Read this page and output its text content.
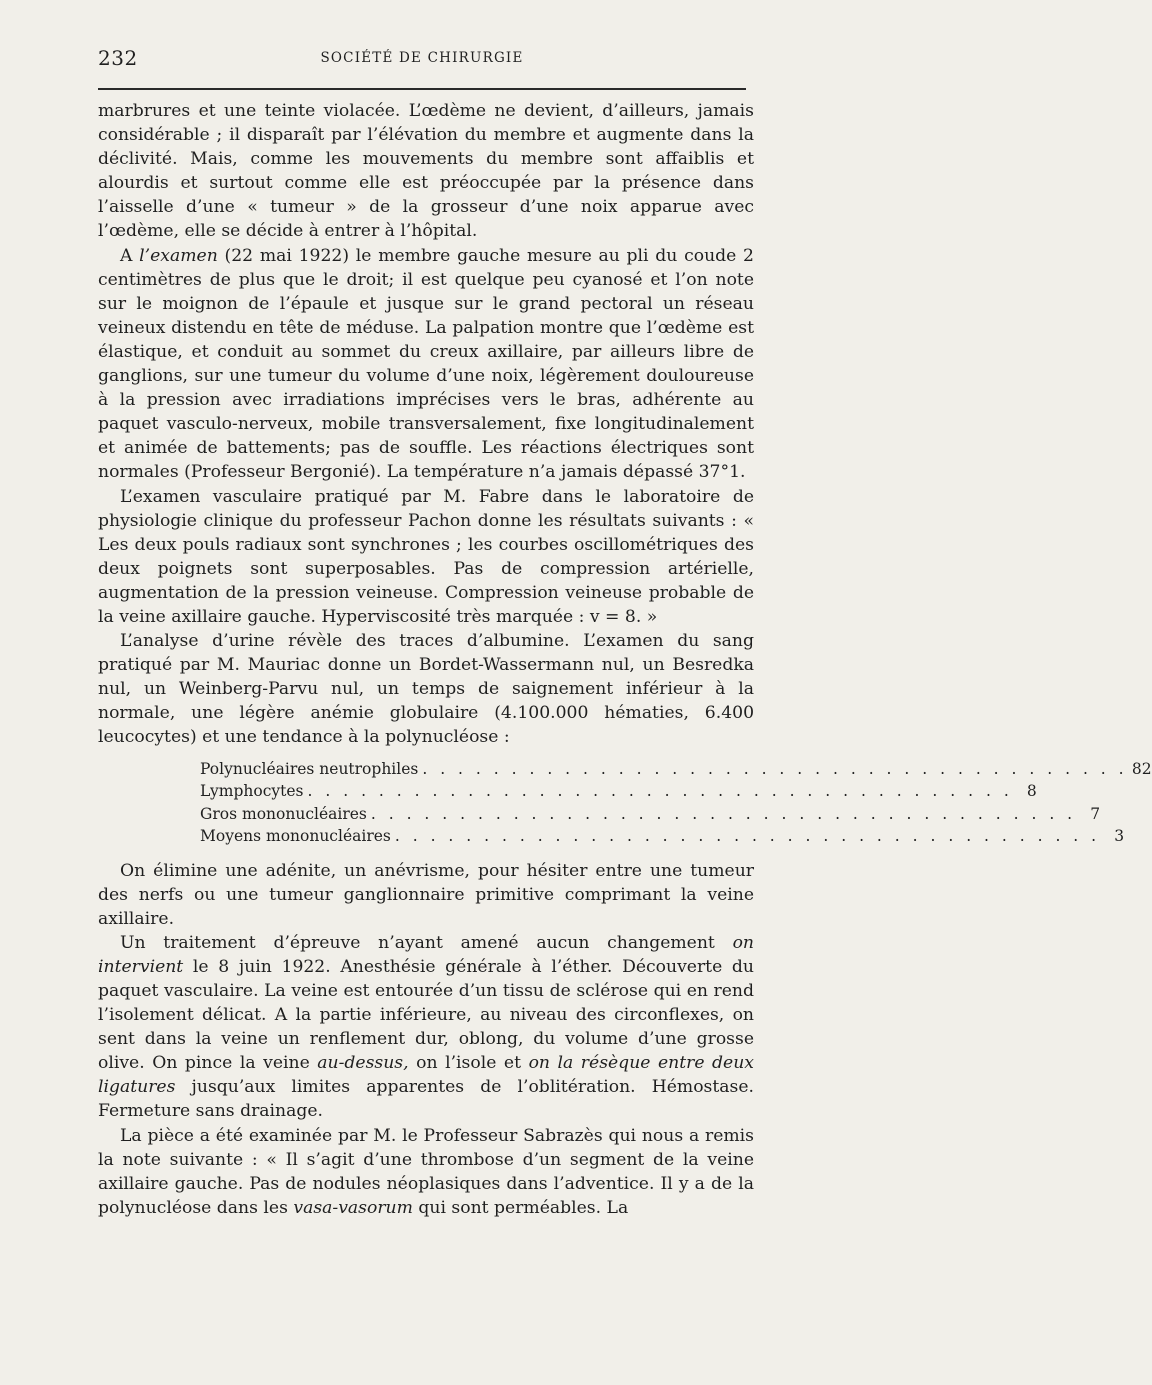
232	SOCIÉTÉ DE CHIRURGIE

marbrures et une teinte violacée. L’œdème ne devient, d’ailleurs, jamais considérable ; il disparaît par l’élévation du membre et augmente dans la déclivité. Mais, comme les mouvements du membre sont affaiblis et alourdis et surtout comme elle est préoccupée par la présence dans l’aisselle d’une « tumeur » de la grosseur d’une noix apparue avec l’œdème, elle se décide à entrer à l’hôpital.

A l’examen (22 mai 1922) le membre gauche mesure au pli du coude 2 centimètres de plus que le droit; il est quelque peu cyanosé et l’on note sur le moignon de l’épaule et jusque sur le grand pectoral un réseau veineux distendu en tête de méduse. La palpation montre que l’œdème est élastique, et conduit au sommet du creux axillaire, par ailleurs libre de ganglions, sur une tumeur du volume d’une noix, légèrement douloureuse à la pression avec irradiations imprécises vers le bras, adhérente au paquet vasculo-nerveux, mobile transversalement, fixe longitudinalement et animée de battements; pas de souffle. Les réactions électriques sont normales (Professeur Bergonié). La température n’a jamais dépassé 37°1.

L’examen vasculaire pratiqué par M. Fabre dans le laboratoire de physiologie clinique du professeur Pachon donne les résultats suivants : « Les deux pouls radiaux sont synchrones ; les courbes oscillométriques des deux poignets sont superposables. Pas de compression artérielle, augmentation de la pression veineuse. Compression veineuse probable de la veine axillaire gauche. Hyperviscosité très marquée : v = 8. »

L’analyse d’urine révèle des traces d’albumine. L’examen du sang pratiqué par M. Mauriac donne un Bordet-Wassermann nul, un Besredka nul, un Weinberg-Parvu nul, un temps de saignement inférieur à la normale, une légère anémie globulaire (4.100.000 hématies, 6.400 leucocytes) et une tendance à la polynucléose :

Polynucléaires neutrophiles . . . . . . . . . . . . . . . . . . . . . . . . . . . . . . . . . . . . . . . . 82
Lymphocytes . . . . . . . . . . . . . . . . . . . . . . . . . . . . . . . . . . . . . . . . 8
Gros mononucléaires . . . . . . . . . . . . . . . . . . . . . . . . . . . . . . . . . . . . . . . . 7
Moyens mononucléaires . . . . . . . . . . . . . . . . . . . . . . . . . . . . . . . . . . . . . . . . 3

On élimine une adénite, un anévrisme, pour hésiter entre une tumeur des nerfs ou une tumeur ganglionnaire primitive comprimant la veine axillaire.

Un traitement d’épreuve n’ayant amené aucun changement on intervient le 8 juin 1922. Anesthésie générale à l’éther. Découverte du paquet vasculaire. La veine est entourée d’un tissu de sclérose qui en rend l’isolement délicat. A la partie inférieure, au niveau des circonflexes, on sent dans la veine un renflement dur, oblong, du volume d’une grosse olive. On pince la veine au-dessus, on l’isole et on la résèque entre deux ligatures jusqu’aux limites apparentes de l’oblitération. Hémostase. Fermeture sans drainage.

La pièce a été examinée par M. le Professeur Sabrazès qui nous a remis la note suivante : « Il s’agit d’une thrombose d’un segment de la veine axillaire gauche. Pas de nodules néoplasiques dans l’adventice. Il y a de la polynucléose dans les vasa-vasorum qui sont perméables. La
